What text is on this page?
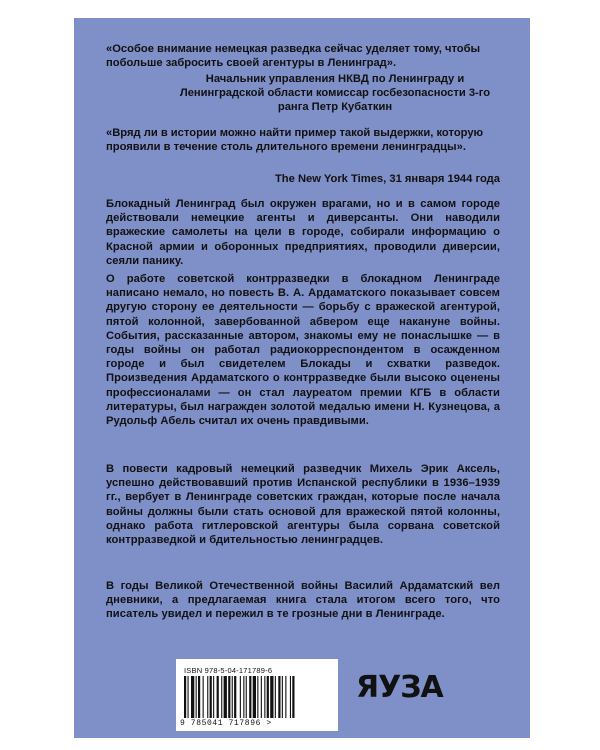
«Особое внимание немецкая разведка сейчас уделяет тому, чтобы побольше забросить своей агентуры в Ленинград».

Начальник управления НКВД по Ленинграду и Ленинградской области комиссар госбезопасности 3-го ранга Петр Кубаткин

«Вряд ли в истории можно найти пример такой выдержки, которую проявили в течение столь длительного времени ленинградцы».

The New York Times, 31 января 1944 года

Блокадный Ленинград был окружен врагами, но и в самом городе действовали немецкие агенты и диверсанты. Они наводили вражеские самолеты на цели в городе, собирали информацию о Красной армии и оборонных предприятиях, проводили диверсии, сеяли панику.

О работе советской контрразведки в блокадном Ленинграде написано немало, но повесть В. А. Ардаматского показывает совсем другую сторону ее деятельности — борьбу с вражеской агентурой, пятой колонной, завербованной абвером еще накануне войны. События, рассказанные автором, знакомы ему не понаслышке — в годы войны он работал радиокорреспондентом в осажденном городе и был свидетелем Блокады и схватки разведок. Произведения Ардаматского о контрразведке были высоко оценены профессионалами — он стал лауреатом премии КГБ в области литературы, был награжден золотой медалью имени Н. Кузнецова, а Рудольф Абель считал их очень правдивыми.

В повести кадровый немецкий разведчик Михель Эрик Аксель, успешно действовавший против Испанской республики в 1936–1939 гг., вербует в Ленинграде советских граждан, которые после начала войны должны были стать основой для вражеской пятой колонны, однако работа гитлеровской агентуры была сорвана советской контрразведкой и бдительностью ленинградцев.

В годы Великой Отечественной войны Василий Ардаматский вел дневники, а предлагаемая книга стала итогом всего того, что писатель увидел и пережил в те грозные дни в Ленинграде.

ISBN 978-5-04-171789-6
9 785041 717896 >
ЯУЗА
